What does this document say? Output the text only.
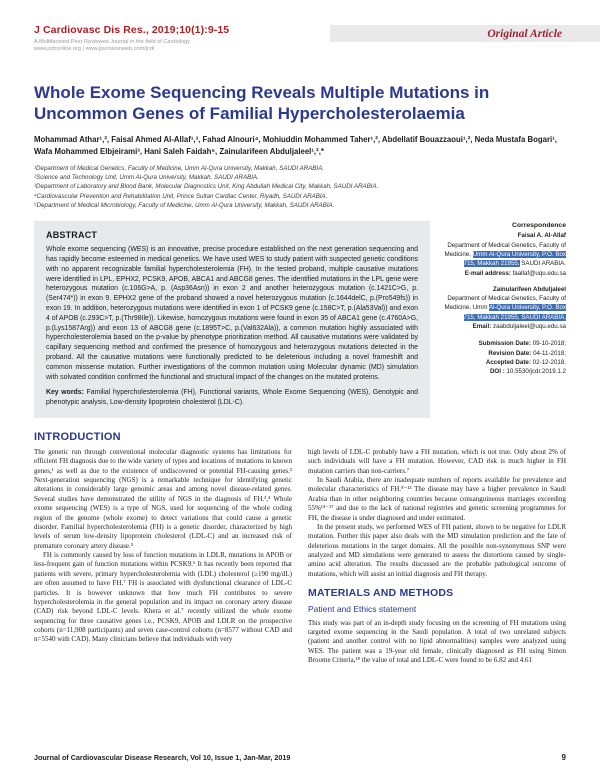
Original Article
J Cardiovasc Dis Res., 2019;10(1):9-15
A Multifaceted Peer Reviewed Journal in the field of Cardiology
www.jcdronline.org | www.journalonweb.com/jcdr
Whole Exome Sequencing Reveals Multiple Mutations in Uncommon Genes of Familial Hypercholesterolaemia
Mohammad Athar¹,², Faisal Ahmed Al-Allaf¹,³, Fahad Alnouri⁴, Mohiuddin Mohammed Taher¹,², Abdellatif Bouazzaoui¹,², Neda Mustafa Bogari¹, Wafa Mohammed Elbjeirami³, Hani Saleh Faidah⁵, Zainularifeen Abduljaleel¹,²,*
¹Department of Medical Genetics, Faculty of Medicine, Umm Al-Qura University, Makkah, SAUDI ARABIA.
²Science and Technology Unit, Umm Al-Qura University, Makkah, SAUDI ARABIA.
³Department of Laboratory and Blood Bank, Molecular Diagnostics Unit, King Abdullah Medical City, Makkah, SAUDI ARABIA.
⁴Cardiovascular Prevention and Rehabilitation Unit, Prince Sultan Cardiac Center, Riyadh, SAUDI ARABIA.
⁵Department of Medical Microbiology, Faculty of Medicine, Umm Al-Qura University, Makkah, SAUDI ARABIA.
ABSTRACT

Whole exome sequencing (WES) is an innovative, precise procedure established on the next generation sequencing and has rapidly become esteemed in medical genetics. We have used WES to study patient with suspected genetic conditions with no apparent recognizable familial hypercholesterolemia (FH). In the tested proband, multiple causative mutations were identified in LPL, EPHX2, PCSK9, APOB, ABCA1 and ABCG8 genes. The identified mutations in the LPL gene were heterozygous mutation (c.106G>A, p. (Asp36Asn)) in exon 2 and another heterozygous mutation (c.1421C>G, p.(Ser474*)) in exon 9. EPHX2 gene of the proband showed a novel heterozygous mutation (c.1644delC, p.(Pro549fs)) in exon 19. In addition, heterozygous mutations were identified in exon 1 of PCSK9 gene (c.158C>T, p.(Ala53Val)) and exon 4 of APOB (c.293C>T, p.(Thr98Ile)). Likewise, homozygous mutations were found in exon 35 of ABCA1 gene (c.4760A>G, p.(Lys1587Arg)) and exon 13 of ABCG8 gene (c.1895T>C, p.(Val632Ala)), a common mutation highly associated with hypercholesterolemia based on the p-value by phenotype prioritization method. All causative mutations were validated by capillary sequencing method and confirmed the presence of homozygous and heterozygous mutations detected in the proband. All the causative mutations were functionally predicted to be deleterious including a novel frameshift and common missense mutation. Further investigations of the common mutation using Molecular dynamic (MD) simulation with solvated condition confirmed the functional and structural impact of the changes on the mutated proteins.

Key words: Familial hypercholesterolemia (FH), Functional variants, Whole Exome Sequencing (WES), Genotypic and phenotypic analysis, Low-density lipoprotein cholesterol (LDL-C).

Correspondence
Faisal A. Al-Allaf
Department of Medical Genetics, Faculty of Medicine, Umm Al-Qura University, P.O. Box 715, Makkah 21955, SAUDI ARABIA.
E-mail address: faallaf@uqu.edu.sa
Zainularifeen Abduljaleel
Department of Medical Genetics, Faculty of Medicine, Umm Al-Qura University, P.O. Box 715, Makkah 21955, SAUDI ARABIA.
Email: zaabduljaleel@uqu.edu.sa
Submission Date: 09-10-2018;
Revision Date: 04-11-2018;
Accepted Date: 02-12-2018.
DOI : 10.5530/jcdr.2019.1.2
INTRODUCTION

The genetic run through conventional molecular diagnostic systems has limitations for efficient FH diagnosis due to the wide variety of types and locations of mutations in known genes,¹ as well as due to the existence of undiscovered or potential FH-causing genes.² Next-generation sequencing (NGS) is a remarkable technique for identifying genetic alterations in considerably large genomic areas and among novel disease-related genes. Several studies have demonstrated the utility of NGS in the diagnosis of FH.³,⁴ Whole exome sequencing (WES) is a type of NGS, used for sequencing of the whole coding region of the genome (whole exome) to detect variations that could cause a genetic disorder. Familial hypercholesterolemia (FH) is a genetic disorder, characterized by high levels of serum low-density lipoprotein cholesterol (LDL-C) and an increased risk of premature coronary artery disease.⁵

FH is commonly caused by loss of function mutations in LDLR, mutations in APOB or less-frequent gain of function mutations within PCSK9.⁶ It has recently been reported that patients with severe, primary hypercholesterolemia with (LDL) cholesterol (≥190 mg/dL) are often assumed to have FH.⁷ FH is associated with dysfunctional clearance of LDL-C particles. It is however unknown that how much FH contributes to severe hypercholesterolemia in the general population and its impact on coronary artery disease (CAD) risk beyond LDL-C levels. Khera et al.⁷ recently utilized the whole exome sequencing for three causative genes i.e., PCSK9, APOB and LDLR on the prospective cohorts (n=11,908 participants) and seven case-control cohorts (n=8577 without CAD and n=5540 with CAD). Many clinicians believe that individuals with very

high levels of LDL-C probably have a FH mutation, which is not true. Only about 2% of such individuals will have a FH mutation. However, CAD risk is much higher in FH mutation carriers than non-carriers.⁷

In Saudi Arabia, there are inadequate numbers of reports available for prevalence and molecular characteristics of FH.⁸⁻¹³ The disease may have a higher prevalence in Saudi Arabia than in other neighboring countries because consanguineous marriages exceeding 55%¹⁴⁻¹⁷ and due to the lack of national registries and genetic screening programmes for FH, the disease is under diagnosed and under estimated.

In the present study, we performed WES of FH patient, shown to be negative for LDLR mutation. Further this paper also deals with the MD simulation prediction and the fate of deleterious mutations in the target domains. All the possible non-synonymous SNP were analyzed and MD simulations were generated to assess the distortions caused by single-amino acid alteration. The results discussed are the probable pathological outcome of mutations, which will assist an initial diagnosis and FH therapy.

MATERIALS AND METHODS
Patient and Ethics statement

This study was part of an in-depth study focusing on the screening of FH mutations using targeted exome sequencing in the Saudi population. A total of two unrelated subjects (patient and another control with no lipid abnormalities) samples were analyzed using WES. The patient was a 19-year old female, clinically diagnosed as FH using Simon Broome Criteria,¹⁸ the value of total and LDL-C were found to be 6.82 and 4.61

Journal of Cardiovascular Disease Research, Vol 10, Issue 1, Jan-Mar, 2019	9
